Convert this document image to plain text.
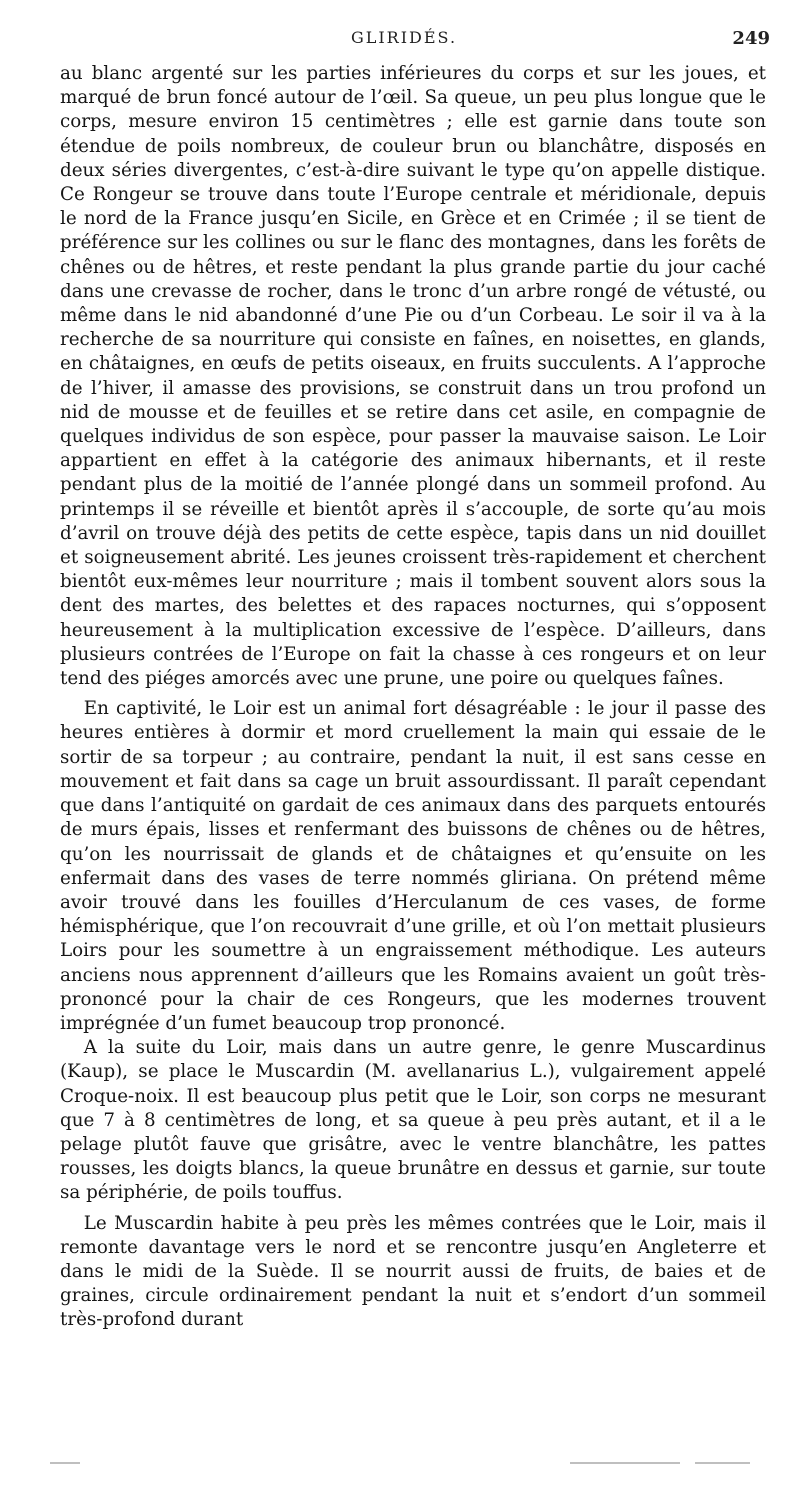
GLIRIDÉS.	249

au blanc argenté sur les parties inférieures du corps et sur les joues, et marqué de brun foncé autour de l’œil. Sa queue, un peu plus longue que le corps, mesure environ 15 centimètres ; elle est garnie dans toute son étendue de poils nombreux, de couleur brun ou blanchâtre, disposés en deux séries divergentes, c’est-à-dire suivant le type qu’on appelle distique. Ce Rongeur se trouve dans toute l’Europe centrale et méridionale, depuis le nord de la France jusqu’en Sicile, en Grèce et en Crimée ; il se tient de préférence sur les collines ou sur le flanc des montagnes, dans les forêts de chênes ou de hêtres, et reste pendant la plus grande partie du jour caché dans une crevasse de rocher, dans le tronc d’un arbre rongé de vétusté, ou même dans le nid abandonné d’une Pie ou d’un Corbeau. Le soir il va à la recherche de sa nourriture qui consiste en faînes, en noisettes, en glands, en châtaignes, en œufs de petits oiseaux, en fruits succulents. A l’approche de l’hiver, il amasse des provisions, se construit dans un trou profond un nid de mousse et de feuilles et se retire dans cet asile, en compagnie de quelques individus de son espèce, pour passer la mauvaise saison. Le Loir appartient en effet à la catégorie des animaux hibernants, et il reste pendant plus de la moitié de l’année plongé dans un sommeil profond. Au printemps il se réveille et bientôt après il s’accouple, de sorte qu’au mois d’avril on trouve déjà des petits de cette espèce, tapis dans un nid douillet et soigneusement abrité. Les jeunes croissent très-rapidement et cherchent bientôt eux-mêmes leur nourriture ; mais il tombent souvent alors sous la dent des martes, des belettes et des rapaces nocturnes, qui s’opposent heureusement à la multiplication excessive de l’espèce. D’ailleurs, dans plusieurs contrées de l’Europe on fait la chasse à ces rongeurs et on leur tend des piéges amorcés avec une prune, une poire ou quelques faînes.

En captivité, le Loir est un animal fort désagréable : le jour il passe des heures entières à dormir et mord cruellement la main qui essaie de le sortir de sa torpeur ; au contraire, pendant la nuit, il est sans cesse en mouvement et fait dans sa cage un bruit assourdissant. Il paraît cependant que dans l’antiquité on gardait de ces animaux dans des parquets entourés de murs épais, lisses et renfermant des buissons de chênes ou de hêtres, qu’on les nourrissait de glands et de châtaignes et qu’ensuite on les enfermait dans des vases de terre nommés gliriana. On prétend même avoir trouvé dans les fouilles d’Herculanum de ces vases, de forme hémisphérique, que l’on recouvrait d’une grille, et où l’on mettait plusieurs Loirs pour les soumettre à un engraissement méthodique. Les auteurs anciens nous apprennent d’ailleurs que les Romains avaient un goût très-prononcé pour la chair de ces Rongeurs, que les modernes trouvent imprégnée d’un fumet beaucoup trop prononcé.

A la suite du Loir, mais dans un autre genre, le genre Muscardinus (Kaup), se place le Muscardin (M. avellanarius L.), vulgairement appelé Croque-noix. Il est beaucoup plus petit que le Loir, son corps ne mesurant que 7 à 8 centimètres de long, et sa queue à peu près autant, et il a le pelage plutôt fauve que grisâtre, avec le ventre blanchâtre, les pattes rousses, les doigts blancs, la queue brunâtre en dessus et garnie, sur toute sa périphérie, de poils touffus.

Le Muscardin habite à peu près les mêmes contrées que le Loir, mais il remonte davantage vers le nord et se rencontre jusqu’en Angleterre et dans le midi de la Suède. Il se nourrit aussi de fruits, de baies et de graines, circule ordinairement pendant la nuit et s’endort d’un sommeil très-profond durant
